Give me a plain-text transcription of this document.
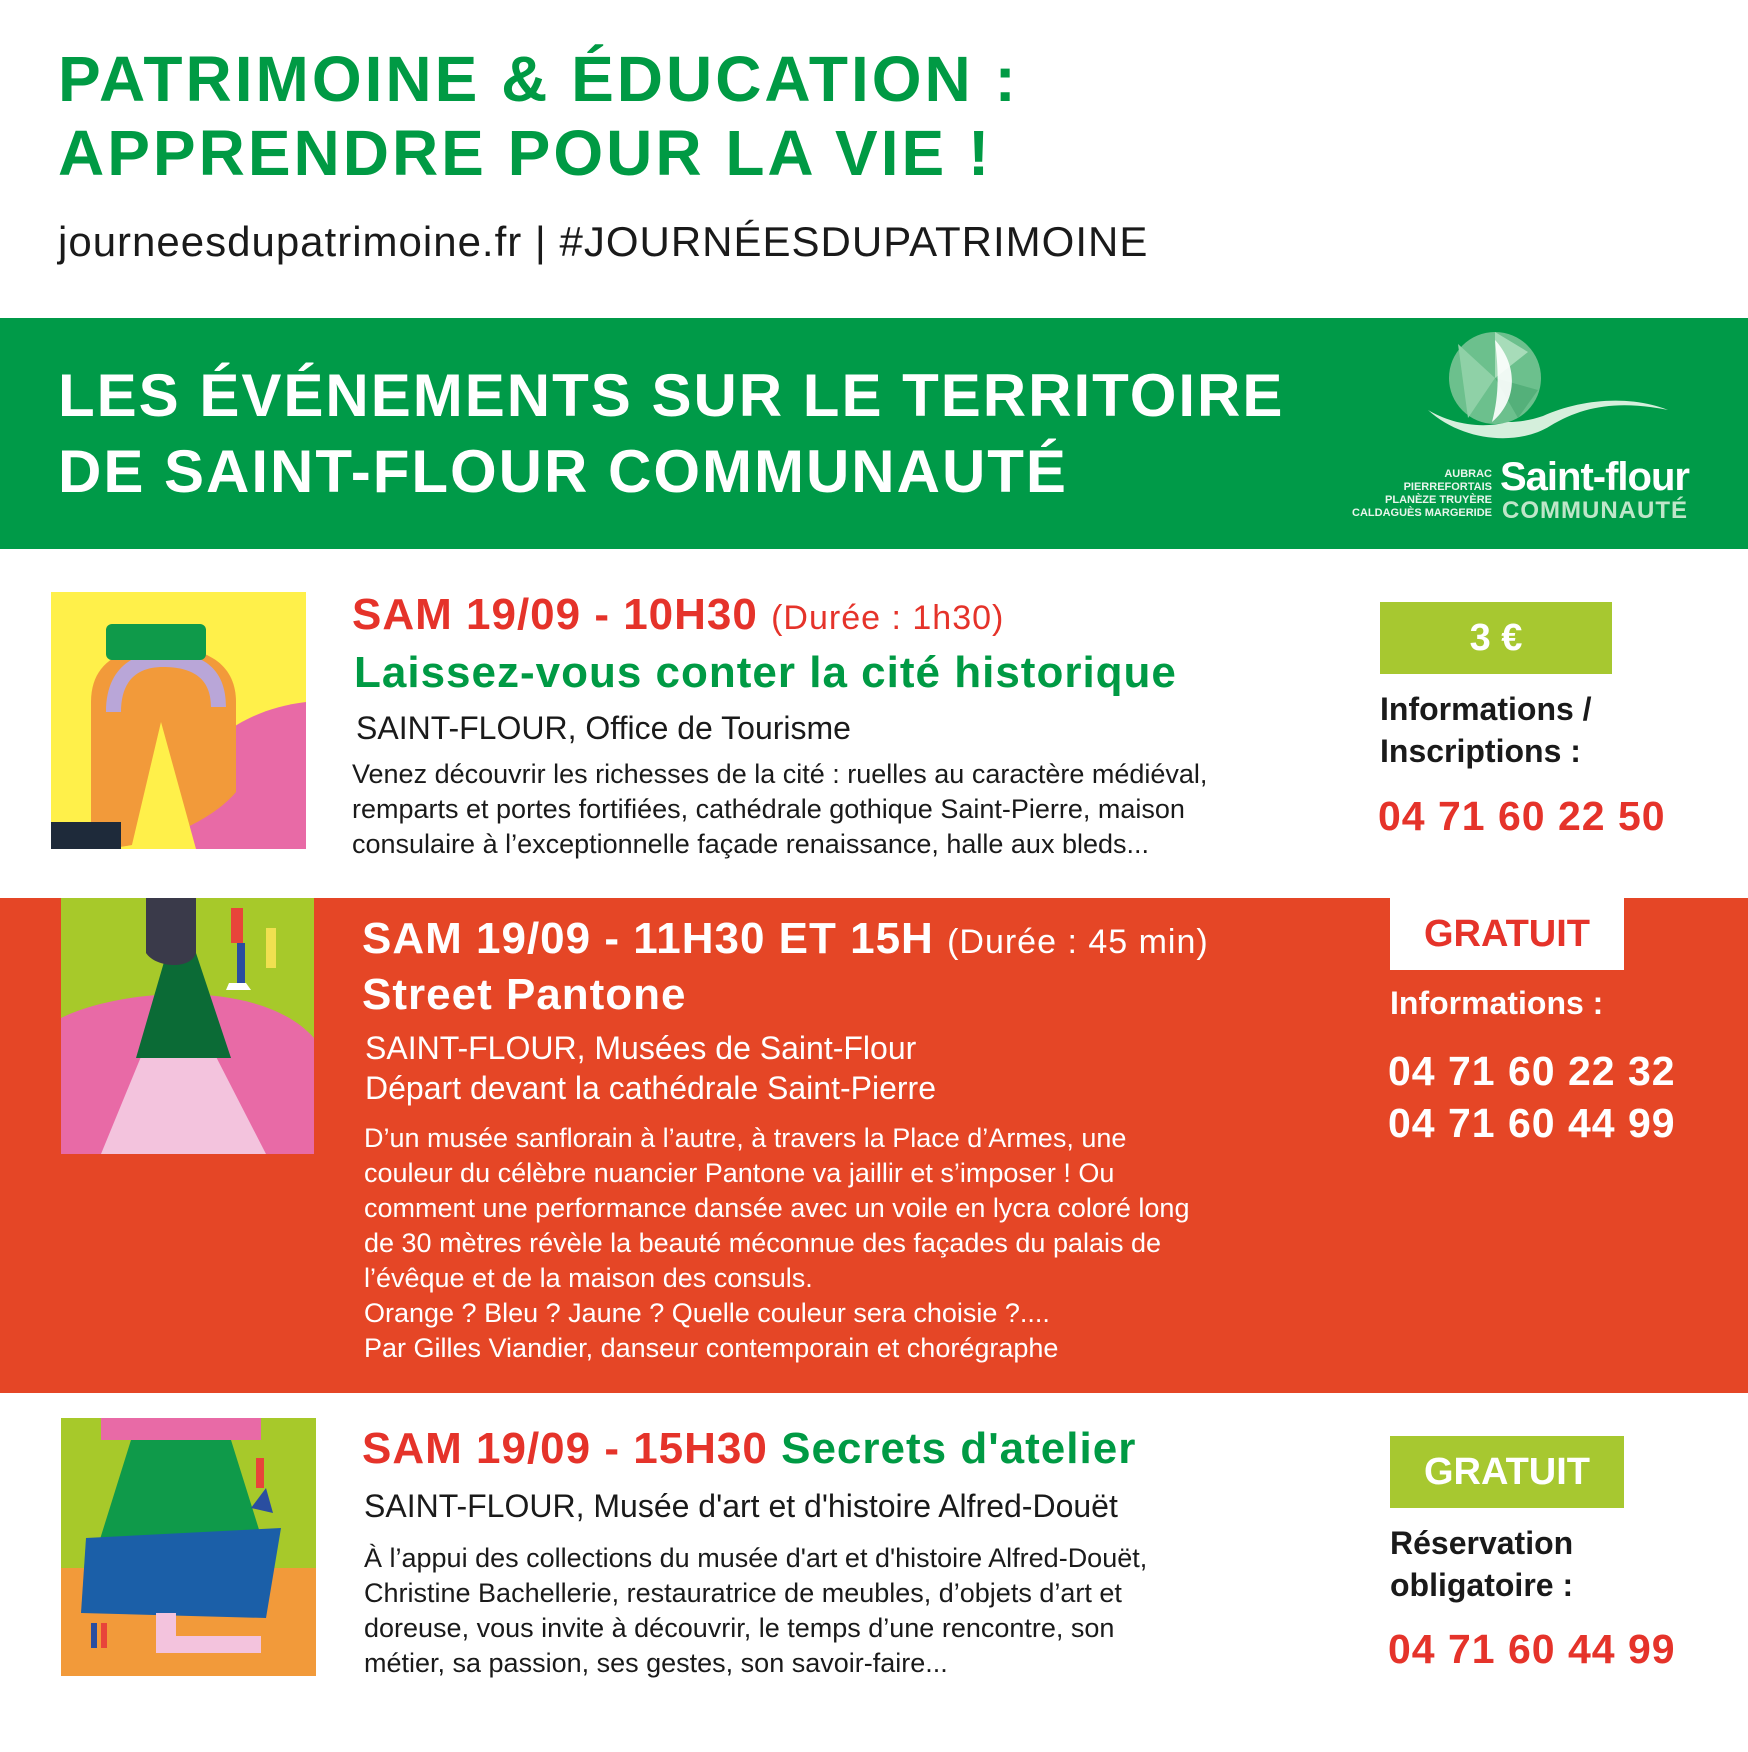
PATRIMOINE & ÉDUCATION :
APPRENDRE POUR LA VIE !
journeesdupatrimoine.fr | #JOURNÉESDUPATRIMOINE
LES ÉVÉNEMENTS SUR LE TERRITOIRE
DE SAINT-FLOUR COMMUNAUTÉ	AUBRAC
PIERREFORTAIS
PLANÈZE TRUYÈRE
CALDAGUÈS MARGERIDE
Saint-flour
COMMUNAUTÉ
SAM 19/09 - 10H30 (Durée : 1h30)
Laissez-vous conter la cité historique
SAINT-FLOUR, Office de Tourisme
Venez découvrir les richesses de la cité : ruelles au caractère médiéval,
remparts et portes fortifiées, cathédrale gothique Saint-Pierre, maison
consulaire à l’exceptionnelle façade renaissance, halle aux bleds...
3 €
Informations /
Inscriptions :
04 71 60 22 50
SAM 19/09 - 11H30 ET 15H (Durée : 45 min)
Street Pantone
SAINT-FLOUR, Musées de Saint-Flour
Départ devant la cathédrale Saint-Pierre
D’un musée sanflorain à l’autre, à travers la Place d’Armes, une
couleur du célèbre nuancier Pantone va jaillir et s’imposer ! Ou
comment une performance dansée avec un voile en lycra coloré long
de 30 mètres révèle la beauté méconnue des façades du palais de
l’évêque et de la maison des consuls.
Orange ? Bleu ? Jaune ? Quelle couleur sera choisie ?....
Par Gilles Viandier, danseur contemporain et chorégraphe
GRATUIT
Informations :
04 71 60 22 32
04 71 60 44 99
SAM 19/09 - 15H30 Secrets d'atelier
SAINT-FLOUR, Musée d'art et d'histoire Alfred-Douët
À l’appui des collections du musée d'art et d'histoire Alfred-Douët,
Christine Bachellerie, restauratrice de meubles, d’objets d’art et
doreuse, vous invite à découvrir, le temps d’une rencontre, son
métier, sa passion, ses gestes, son savoir-faire...
GRATUIT
Réservation
obligatoire :
04 71 60 44 99
